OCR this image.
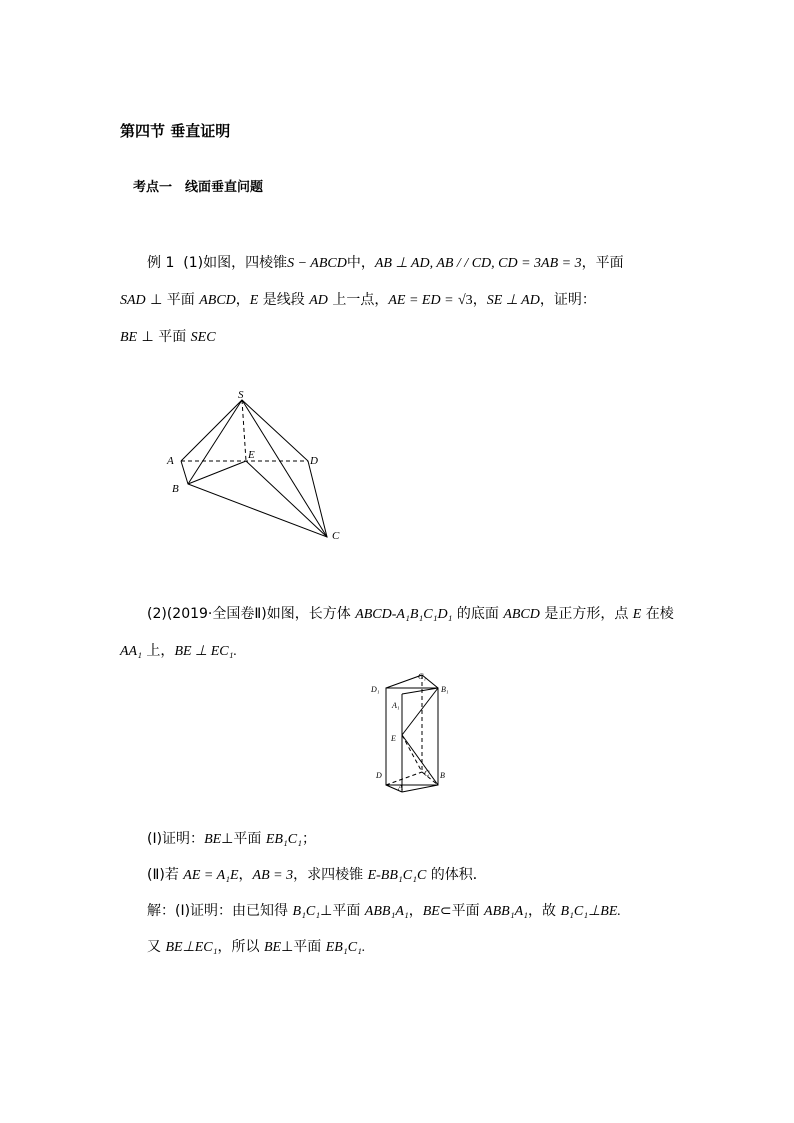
第四节 垂直证明
考点一　线面垂直问题
例 1 (1)如图，四棱锥S − ABCD中，AB ⊥ AD, AB / / CD, CD = 3AB = 3，平面
SAD ⊥ 平面 ABCD，E 是线段 AD 上一点，AE = ED = √3，SE ⊥ AD，证明：
BE ⊥ 平面 SEC
S
A	E	D
B
C
(2)(2019·全国卷Ⅱ)如图，长方体 ABCD-A₁B₁C₁D₁ 的底面 ABCD 是正方形，点 E 在棱
AA₁ 上，BE ⊥ EC₁.
C₁
D₁	B₁
A₁
E
D	C B
A
(Ⅰ)证明：BE⊥平面 EB₁C₁；
(Ⅱ)若 AE = A₁E，AB = 3，求四棱锥 E-BB₁C₁C 的体积．
解：(Ⅰ)证明：由已知得 B₁C₁⊥平面 ABB₁A₁，BE⊂平面 ABB₁A₁，故 B₁C₁⊥BE.
又 BE⊥EC₁，所以 BE⊥平面 EB₁C₁.
